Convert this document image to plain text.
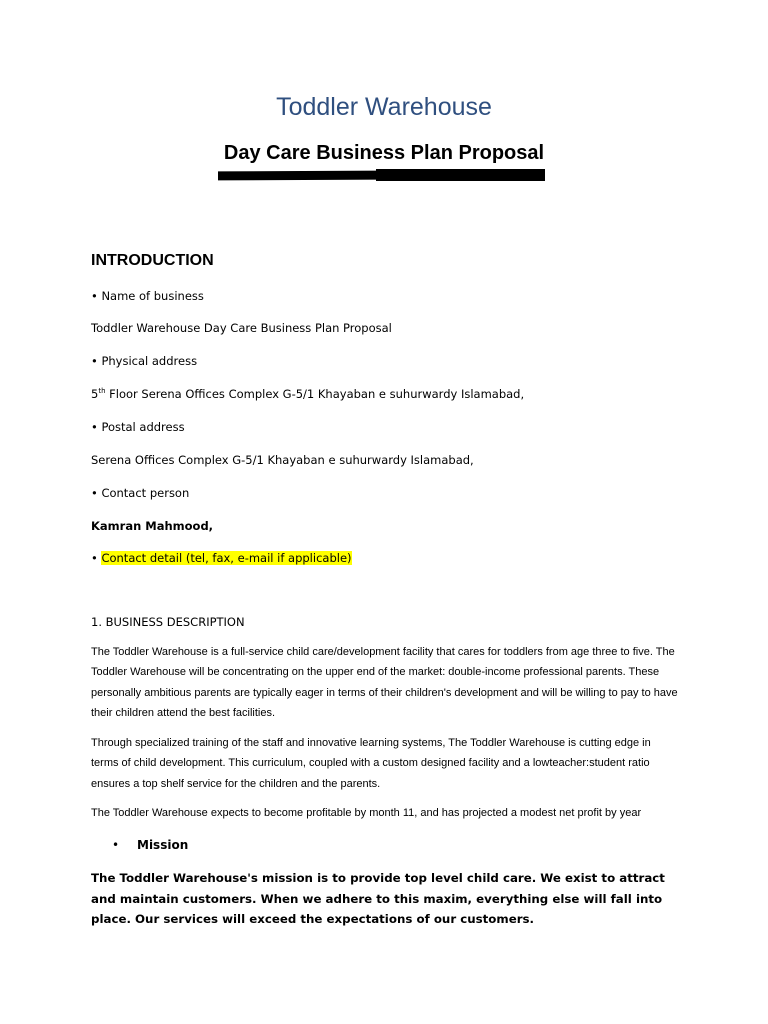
Toddler Warehouse
Day Care Business Plan Proposal
INTRODUCTION
• Name of business
Toddler Warehouse Day Care Business Plan Proposal
• Physical address
5th Floor Serena Offices Complex G-5/1 Khayaban e suhurwardy Islamabad,
• Postal address
Serena Offices Complex G-5/1 Khayaban e suhurwardy Islamabad,
• Contact person
Kamran Mahmood,
• Contact detail (tel, fax, e-mail if applicable)
1. BUSINESS DESCRIPTION
The Toddler Warehouse is a full-service child care/development facility that cares for toddlers from age three to five. The Toddler Warehouse will be concentrating on the upper end of the market: double-income professional parents. These personally ambitious parents are typically eager in terms of their children's development and will be willing to pay to have their children attend the best facilities.
Through specialized training of the staff and innovative learning systems, The Toddler Warehouse is cutting edge in terms of child development. This curriculum, coupled with a custom designed facility and a lowteacher:student ratio ensures a top shelf service for the children and the parents.
The Toddler Warehouse expects to become profitable by month 11, and has projected a modest net profit by year
• Mission
The Toddler Warehouse's mission is to provide top level child care. We exist to attract and maintain customers. When we adhere to this maxim, everything else will fall into place. Our services will exceed the expectations of our customers.
